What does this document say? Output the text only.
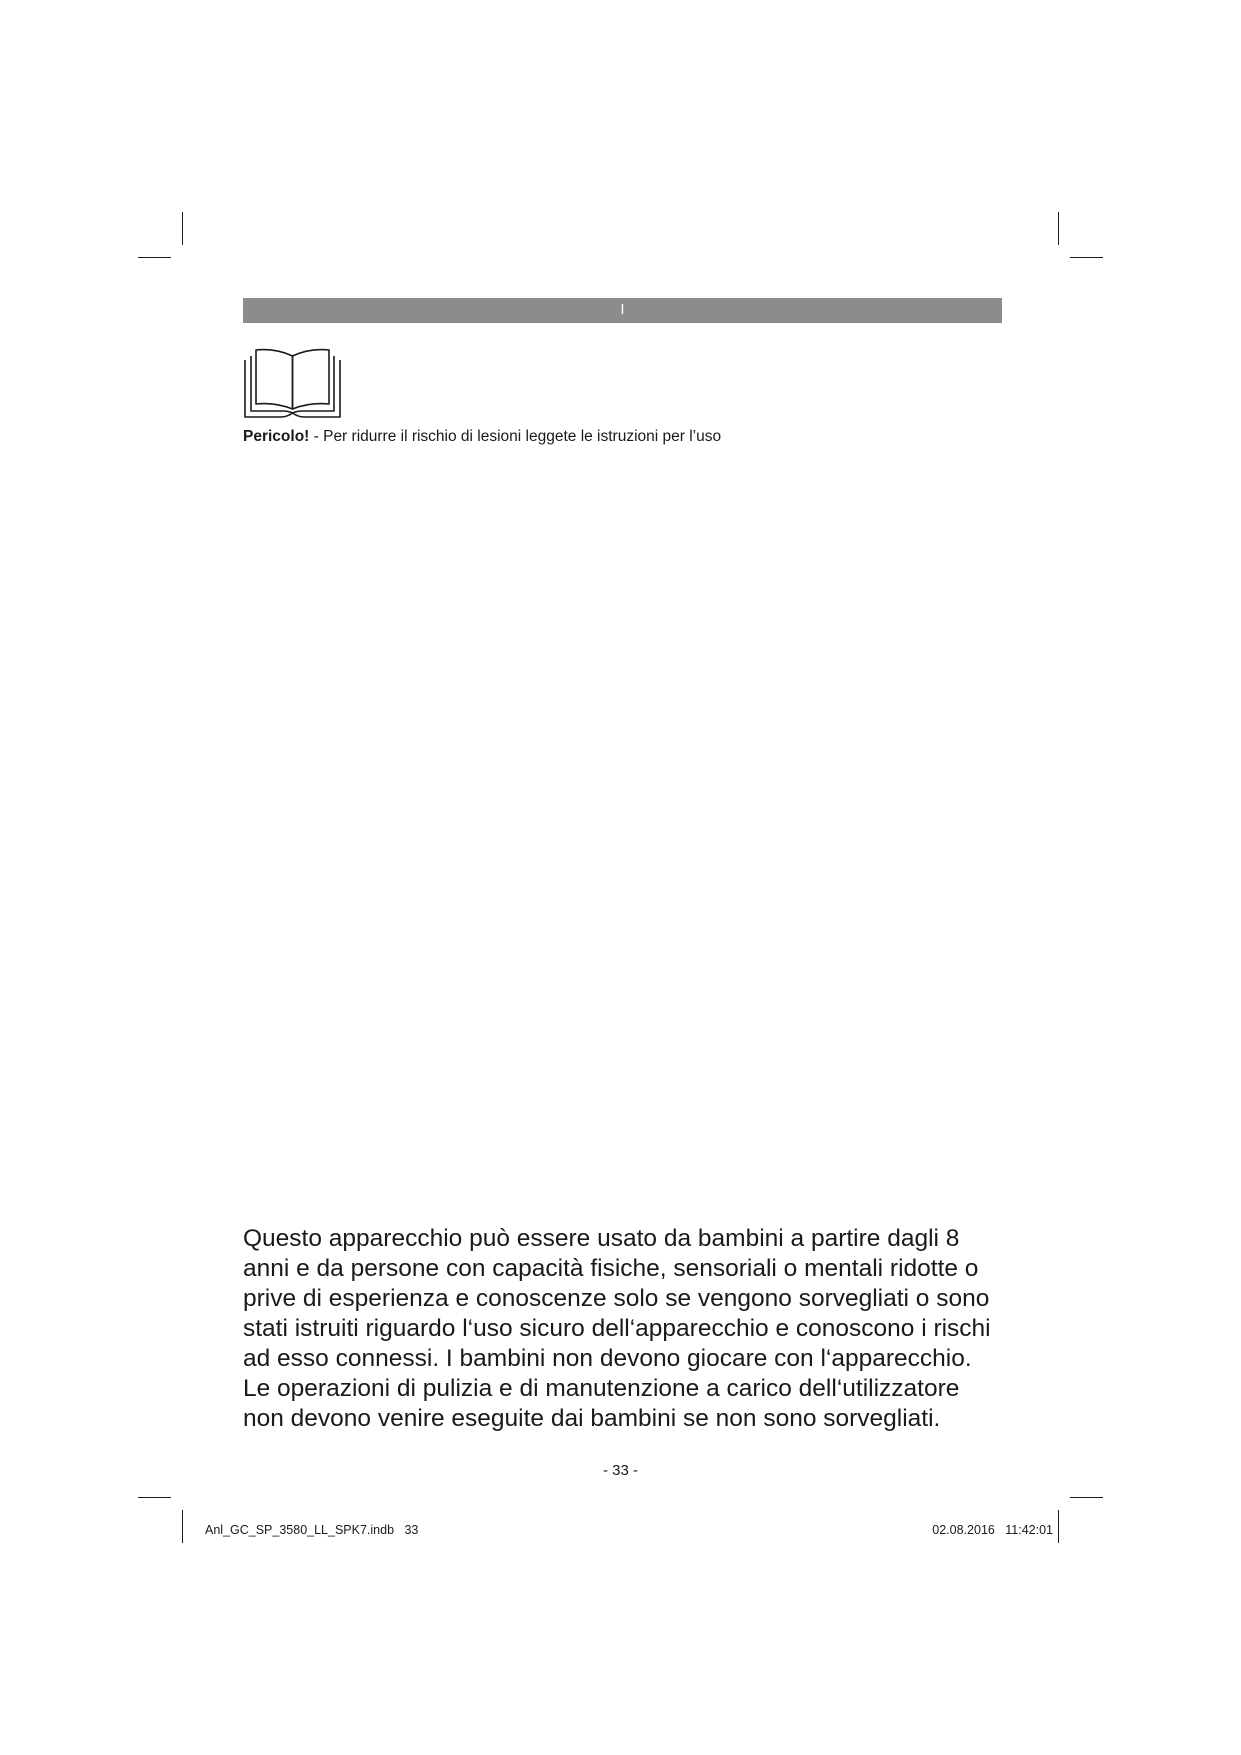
I
Pericolo! - Per ridurre il rischio di lesioni leggete le istruzioni per l’uso
Questo apparecchio può essere usato da bambini a partire dagli 8
anni e da persone con capacità fisiche, sensoriali o mentali ridotte o
prive di esperienza e conoscenze solo se vengono sorvegliati o sono
stati istruiti riguardo l‘uso sicuro dell‘apparecchio e conoscono i rischi
ad esso connessi. I bambini non devono giocare con l‘apparecchio.
Le operazioni di pulizia e di manutenzione a carico dell‘utilizzatore
non devono venire eseguite dai bambini se non sono sorvegliati.
- 33 -
Anl_GC_SP_3580_LL_SPK7.indb   33	02.08.2016   11:42:01
